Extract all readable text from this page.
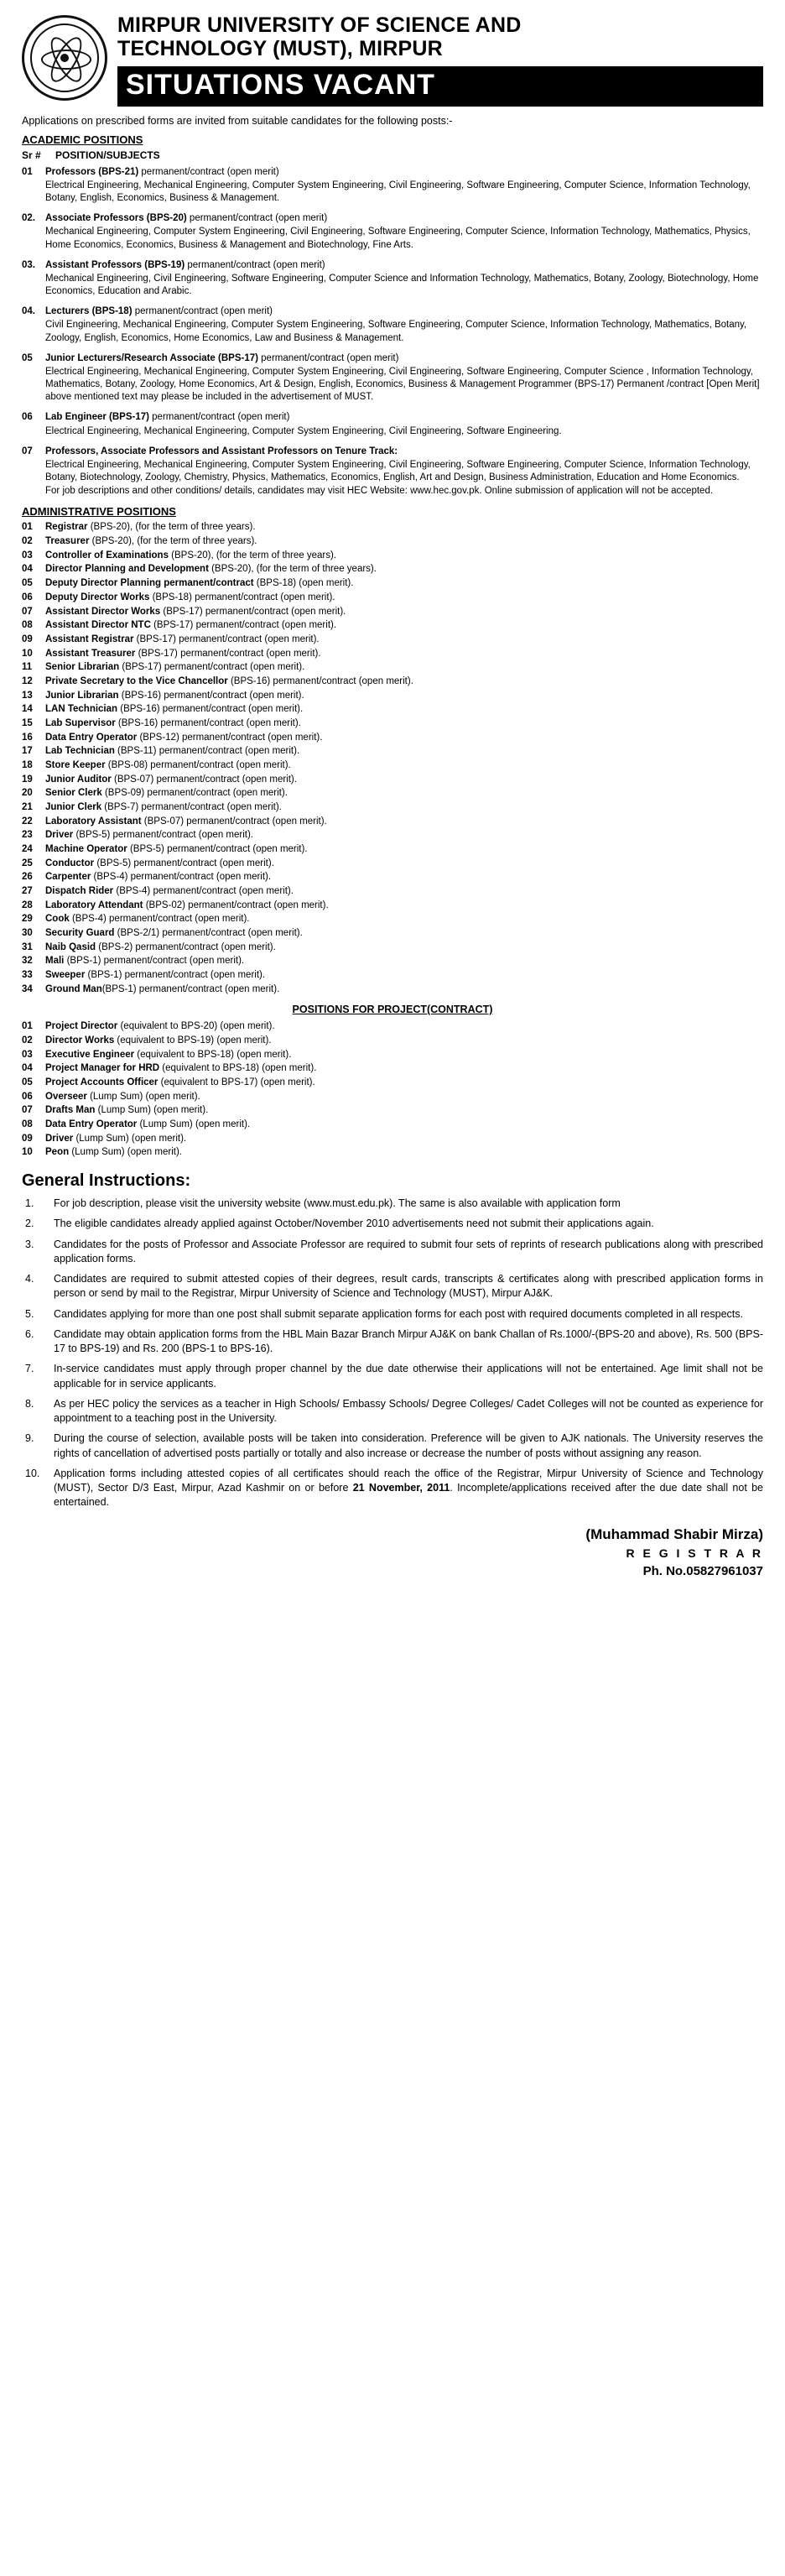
MIRPUR UNIVERSITY OF SCIENCE AND
TECHNOLOGY (MUST), MIRPUR
SITUATIONS VACANT
Applications on prescribed forms are invited from suitable candidates for the following posts:-
ACADEMIC POSITIONS
Sr #	POSITION/SUBJECTS
01	Professors (BPS-21) permanent/contract (open merit)
Electrical Engineering, Mechanical Engineering, Computer System Engineering, Civil Engineering, Software Engineering, Computer Science, Information Technology, Botany, English, Economics, Business & Management.
02.	Associate Professors (BPS-20) permanent/contract (open merit)
Mechanical Engineering, Computer System Engineering, Civil Engineering, Software Engineering, Computer Science, Information Technology, Mathematics, Physics, Home Economics, Economics, Business & Management and Biotechnology, Fine Arts.
03.	Assistant Professors (BPS-19) permanent/contract (open merit)
Mechanical Engineering, Civil Engineering, Software Engineering, Computer Science and Information Technology, Mathematics, Botany, Zoology, Biotechnology, Home Economics, Education and Arabic.
04.	Lecturers (BPS-18) permanent/contract (open merit)
Civil Engineering, Mechanical Engineering, Computer System Engineering, Software Engineering, Computer Science, Information Technology, Mathematics, Botany, Zoology, English, Economics, Home Economics, Law and Business & Management.
05	Junior Lecturers/Research Associate (BPS-17) permanent/contract (open merit)
Electrical Engineering, Mechanical Engineering, Computer System Engineering, Civil Engineering, Software Engineering, Computer Science , Information Technology, Mathematics, Botany, Zoology, Home Economics, Art & Design, English, Economics, Business & Management Programmer (BPS-17) Permanent /contract [Open Merit] above mentioned text may please be included in the advertisement of MUST.
06	Lab Engineer (BPS-17) permanent/contract (open merit)
Electrical Engineering, Mechanical Engineering, Computer System Engineering, Civil Engineering, Software Engineering.
07	Professors, Associate Professors and Assistant Professors on Tenure Track:
Electrical Engineering, Mechanical Engineering, Computer System Engineering, Civil Engineering, Software Engineering, Computer Science, Information Technology, Botany, Biotechnology, Zoology, Chemistry, Physics, Mathematics, Economics, English, Art and Design, Business Administration, Education and Home Economics.
For job descriptions and other conditions/ details, candidates may visit HEC Website: www.hec.gov.pk. Online submission of application will not be accepted.
ADMINISTRATIVE POSITIONS
01	Registrar (BPS-20), (for the term of three years).
02	Treasurer (BPS-20), (for the term of three years).
03	Controller of Examinations (BPS-20), (for the term of three years).
04	Director Planning and Development (BPS-20), (for the term of three years).
05	Deputy Director Planning permanent/contract (BPS-18) (open merit).
06	Deputy Director Works (BPS-18) permanent/contract (open merit).
07	Assistant Director Works (BPS-17) permanent/contract (open merit).
08	Assistant Director NTC (BPS-17) permanent/contract (open merit).
09	Assistant Registrar (BPS-17) permanent/contract (open merit).
10	Assistant Treasurer (BPS-17) permanent/contract (open merit).
11	Senior Librarian (BPS-17) permanent/contract (open merit).
12	Private Secretary to the Vice Chancellor (BPS-16) permanent/contract (open merit).
13	Junior Librarian (BPS-16) permanent/contract (open merit).
14	LAN Technician (BPS-16) permanent/contract (open merit).
15	Lab Supervisor (BPS-16) permanent/contract (open merit).
16	Data Entry Operator (BPS-12) permanent/contract (open merit).
17	Lab Technician (BPS-11) permanent/contract (open merit).
18	Store Keeper (BPS-08) permanent/contract (open merit).
19	Junior Auditor (BPS-07) permanent/contract (open merit).
20	Senior Clerk (BPS-09) permanent/contract (open merit).
21	Junior Clerk (BPS-7) permanent/contract (open merit).
22	Laboratory Assistant (BPS-07) permanent/contract (open merit).
23	Driver (BPS-5) permanent/contract (open merit).
24	Machine Operator (BPS-5) permanent/contract (open merit).
25	Conductor (BPS-5) permanent/contract (open merit).
26	Carpenter (BPS-4) permanent/contract (open merit).
27	Dispatch Rider (BPS-4) permanent/contract (open merit).
28	Laboratory Attendant (BPS-02) permanent/contract (open merit).
29	Cook (BPS-4) permanent/contract (open merit).
30	Security Guard (BPS-2/1) permanent/contract (open merit).
31	Naib Qasid (BPS-2) permanent/contract (open merit).
32	Mali (BPS-1) permanent/contract (open merit).
33	Sweeper (BPS-1) permanent/contract (open merit).
34	Ground Man(BPS-1) permanent/contract (open merit).
POSITIONS FOR PROJECT(CONTRACT)
01	Project Director (equivalent to BPS-20) (open merit).
02	Director Works (equivalent to BPS-19) (open merit).
03	Executive Engineer (equivalent to BPS-18) (open merit).
04	Project Manager for HRD (equivalent to BPS-18) (open merit).
05	Project Accounts Officer (equivalent to BPS-17) (open merit).
06	Overseer (Lump Sum) (open merit).
07	Drafts Man (Lump Sum) (open merit).
08	Data Entry Operator (Lump Sum) (open merit).
09	Driver (Lump Sum) (open merit).
10	Peon (Lump Sum) (open merit).
General Instructions:
1.	For job description, please visit the university website (www.must.edu.pk). The same is also available with application form
2.	The eligible candidates already applied against October/November 2010 advertisements need not submit their applications again.
3.	Candidates for the posts of Professor and Associate Professor are required to submit four sets of reprints of research publications along with prescribed application forms.
4.	Candidates are required to submit attested copies of their degrees, result cards, transcripts & certificates along with prescribed application forms in person or send by mail to the Registrar, Mirpur University of Science and Technology (MUST), Mirpur AJ&K.
5.	Candidates applying for more than one post shall submit separate application forms for each post with required documents completed in all respects.
6.	Candidate may obtain application forms from the HBL Main Bazar Branch Mirpur AJ&K on bank Challan of Rs.1000/-(BPS-20 and above), Rs. 500 (BPS-17 to BPS-19) and Rs. 200 (BPS-1 to BPS-16).
7.	In-service candidates must apply through proper channel by the due date otherwise their applications will not be entertained. Age limit shall not be applicable for in service applicants.
8.	As per HEC policy the services as a teacher in High Schools/ Embassy Schools/ Degree Colleges/ Cadet Colleges will not be counted as experience for appointment to a teaching post in the University.
9.	During the course of selection, available posts will be taken into consideration. Preference will be given to AJK nationals. The University reserves the rights of cancellation of advertised posts partially or totally and also increase or decrease the number of posts without assigning any reason.
10.	Application forms including attested copies of all certificates should reach the office of the Registrar, Mirpur University of Science and Technology (MUST), Sector D/3 East, Mirpur, Azad Kashmir on or before 21 November, 2011. Incomplete/applications received after the due date shall not be entertained.
(Muhammad Shabir Mirza)
R E G I S T R A R
Ph. No.05827961037
